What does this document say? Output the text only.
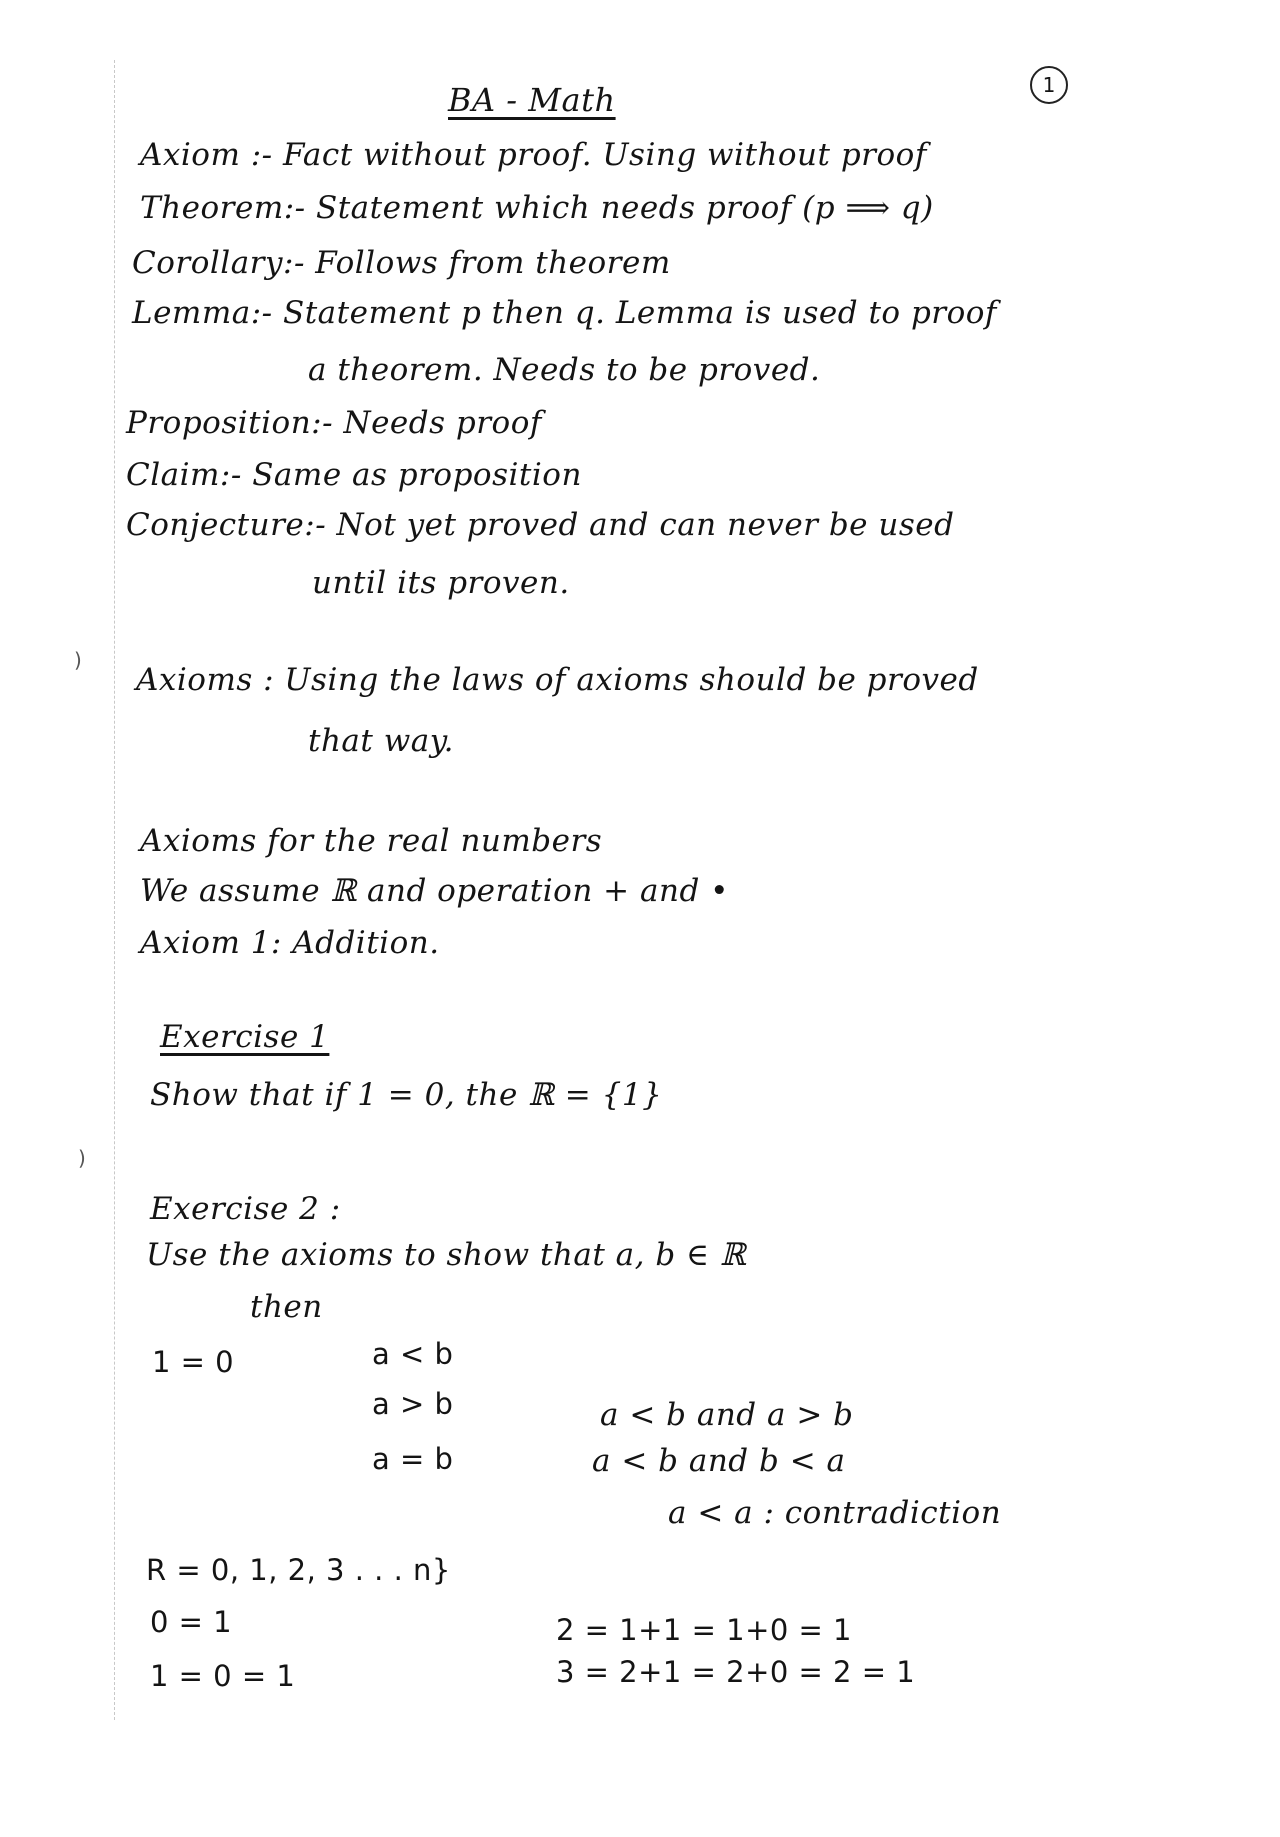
)
)
BA - Math	1
Axiom :- Fact without proof. Using without proof
Theorem:- Statement which needs proof (p ⟹ q)
Corollary:- Follows from theorem
Lemma:- Statement p then q. Lemma is used to proof
a theorem. Needs to be proved.
Proposition:- Needs proof
Claim:- Same as proposition
Conjecture:- Not yet proved and can never be used
until its proven.
Axioms : Using the laws of axioms should be proved
that way.
Axioms for the real numbers
We assume ℝ and operation + and •
Axiom 1: Addition.
Exercise 1
Show that if 1 = 0, the ℝ = {1}
Exercise 2 :
Use the axioms to show that a, b ∈ ℝ
then
1 = 0	a < b
a > b
a = b
a < b and a > b
a < b and b < a
a < a : contradiction
R = 0, 1, 2, 3 . . . n}
0 = 1
1 = 0 = 1
2 = 1+1 = 1+0 = 1
3 = 2+1 = 2+0 = 2 = 1
